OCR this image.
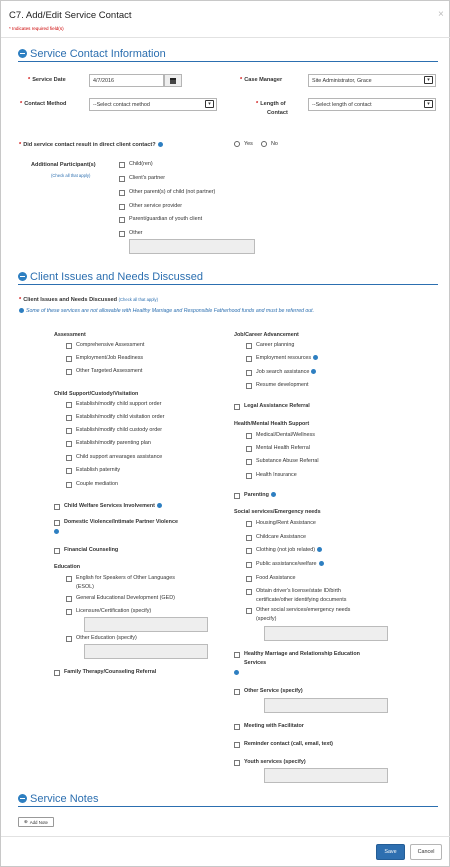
C7. Add/Edit Service Contact
* Indicates required field(s)
×
Service Contact Information
* Service Date	4/7/2016	* Case Manager	Site Administrator, Grace	▾
* Contact Method	--Select contact method	▾	* Length of
Contact
--Select length of contact	▾
* Did service contact result in direct client contact?	Yes	No
Additional Participant(s)
(Check all that apply)
Child(ren)
Client's partner
Other parent(s) of child (not partner)
Other service provider
Parent/guardian of youth client
Other
Client Issues and Needs Discussed
* Client Issues and Needs Discussed (Check all that apply)
Some of these services are not allowable with Healthy Marriage and Responsible Fatherhood funds and must be referred out.
Assessment
Comprehensive Assessment
Employment/Job Readiness
Other Targeted Assessment
Child Support/Custody/Visitation
Establish/modify child support order
Establish/modify child visitation order
Establish/modify child custody order
Establish/modify parenting plan
Child support arrearages assistance
Establish paternity
Couple mediation
Child Welfare Services Involvement
Domestic Violence/Intimate Partner Violence
Financial Counseling
Education
English for Speakers of Other Languages
(ESOL)
General Educational Development (GED)
Licensure/Certification (specify)
Other Education (specify)
Family Therapy/Counseling Referral
Job/Career Advancement
Career planning
Employment resources
Job search assistance
Resume development
Legal Assistance Referral
Health/Mental Health Support
Medical/Dental/Wellness
Mental Health Referral
Substance Abuse Referral
Health Insurance
Parenting
Social services/Emergency needs
Housing/Rent Assistance
Childcare Assistance
Clothing (not job related)
Public assistance/welfare
Food Assistance
Obtain driver's license/state ID/birth
certificate/other identifying documents
Other social services/emergency needs
(specify)
Healthy Marriage and Relationship Education
Services
Other Service (specify)
Meeting with Facilitator
Reminder contact (call, email, text)
Youth services (specify)
Service Notes
⊕ Add Note
Save	Cancel
